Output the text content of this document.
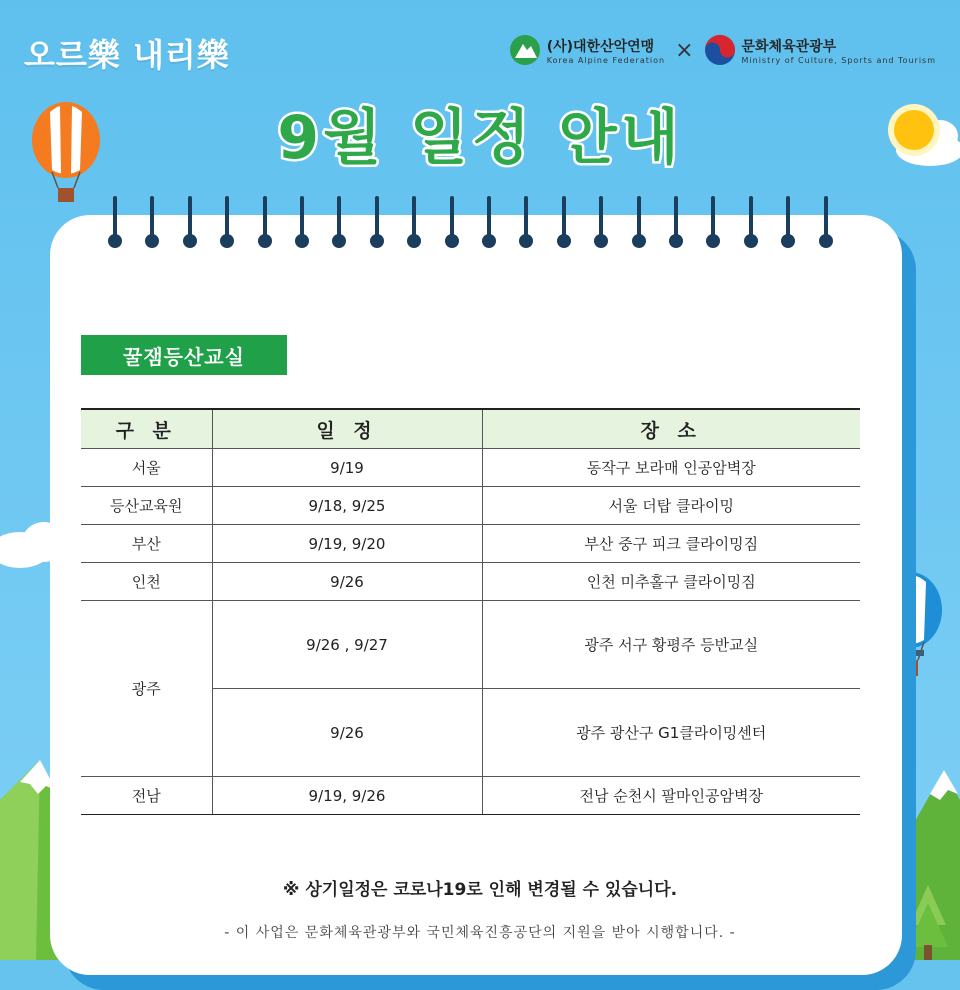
오르樂 내리樂	(사)대한산악연맹
Korea Alpine Federation ×	문화체육관광부
Ministry of Culture, Sports and Tourism
9월 일정 안내
꿀잼등산교실
구 분	일 정	장 소
서울	9/19	동작구 보라매 인공암벽장
등산교육원	9/18, 9/25	서울 더탑 클라이밍
부산	9/19, 9/20	부산 중구 피크 클라이밍짐
인천	9/26	인천 미추홀구 클라이밍짐
광주	9/26 , 9/27	광주 서구 황평주 등반교실
	9/26	광주 광산구 G1클라이밍센터
전남	9/19, 9/26	전남 순천시 팔마인공암벽장
※ 상기일정은 코로나19로 인해 변경될 수 있습니다.
- 이 사업은 문화체육관광부와 국민체육진흥공단의 지원을 받아 시행합니다. -
